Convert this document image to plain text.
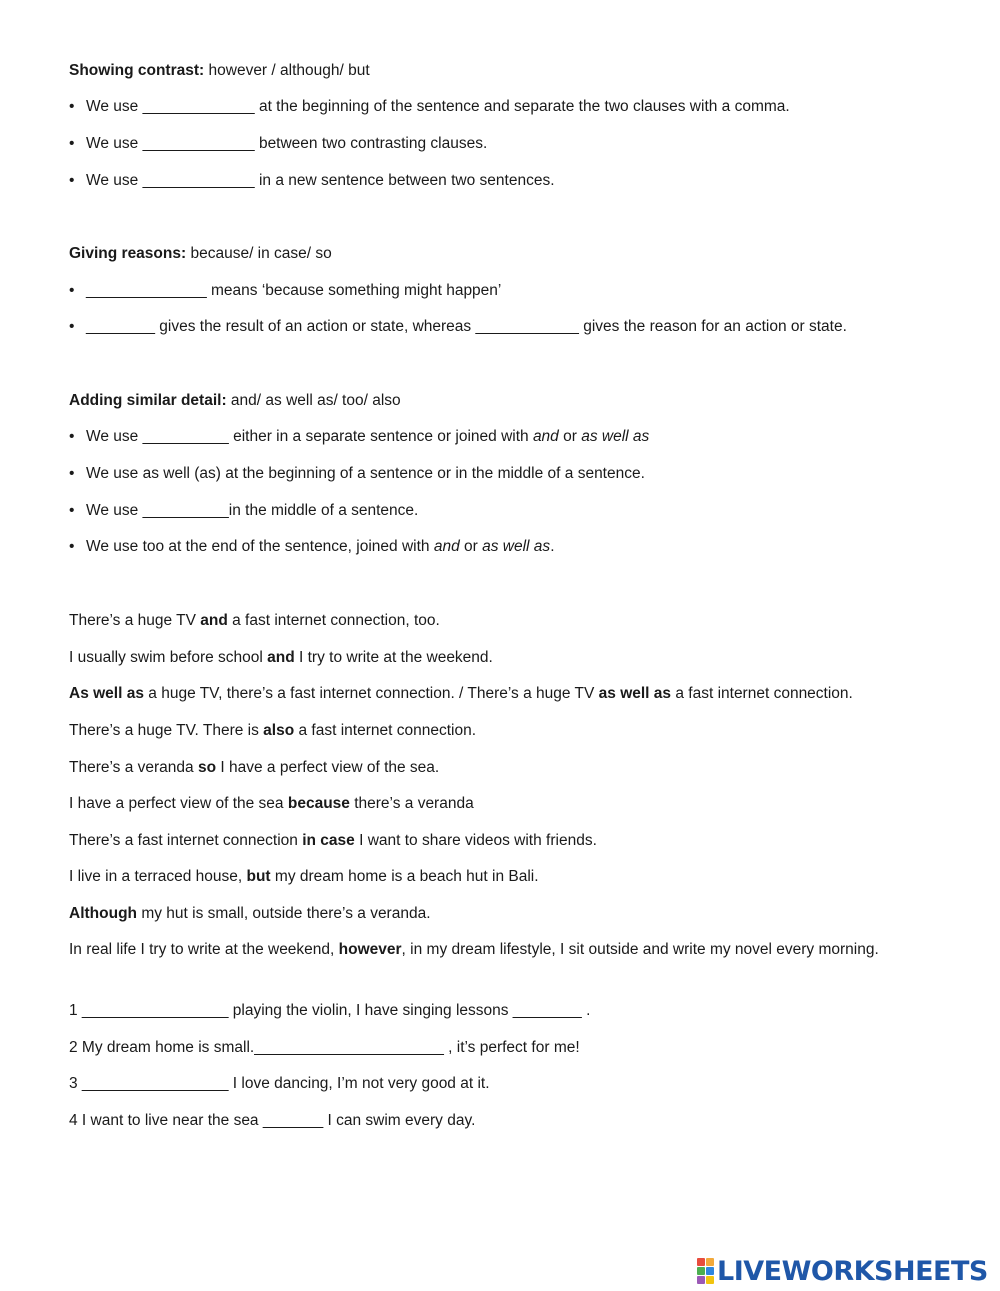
Showing contrast: however / although/ but
• We use _____________ at the beginning of the sentence and separate the two clauses with a comma.
• We use _____________ between two contrasting clauses.
• We use _____________ in a new sentence between two sentences.
Giving reasons: because/ in case/ so
• ______________ means ‘because something might happen’
• ________ gives the result of an action or state, whereas ____________ gives the reason for an action or state.
Adding similar detail: and/ as well as/ too/ also
• We use __________ either in a separate sentence or joined with and or as well as
• We use as well (as) at the beginning of a sentence or in the middle of a sentence.
• We use __________in the middle of a sentence.
• We use too at the end of the sentence, joined with and or as well as.
There’s a huge TV and a fast internet connection, too.
I usually swim before school and I try to write at the weekend.
As well as a huge TV, there’s a fast internet connection. / There’s a huge TV as well as a fast internet connection.
There’s a huge TV. There is also a fast internet connection.
There’s a veranda so I have a perfect view of the sea.
I have a perfect view of the sea because there’s a veranda
There’s a fast internet connection in case I want to share videos with friends.
I live in a terraced house, but my dream home is a beach hut in Bali.
Although my hut is small, outside there’s a veranda.
In real life I try to write at the weekend, however, in my dream lifestyle, I sit outside and write my novel every morning.
1 _________________ playing the violin, I have singing lessons ________ .
2 My dream home is small.______________________ , it’s perfect for me!
3 _________________ I love dancing, I’m not very good at it.
4 I want to live near the sea _______ I can swim every day.
LIVEWORKSHEETS
